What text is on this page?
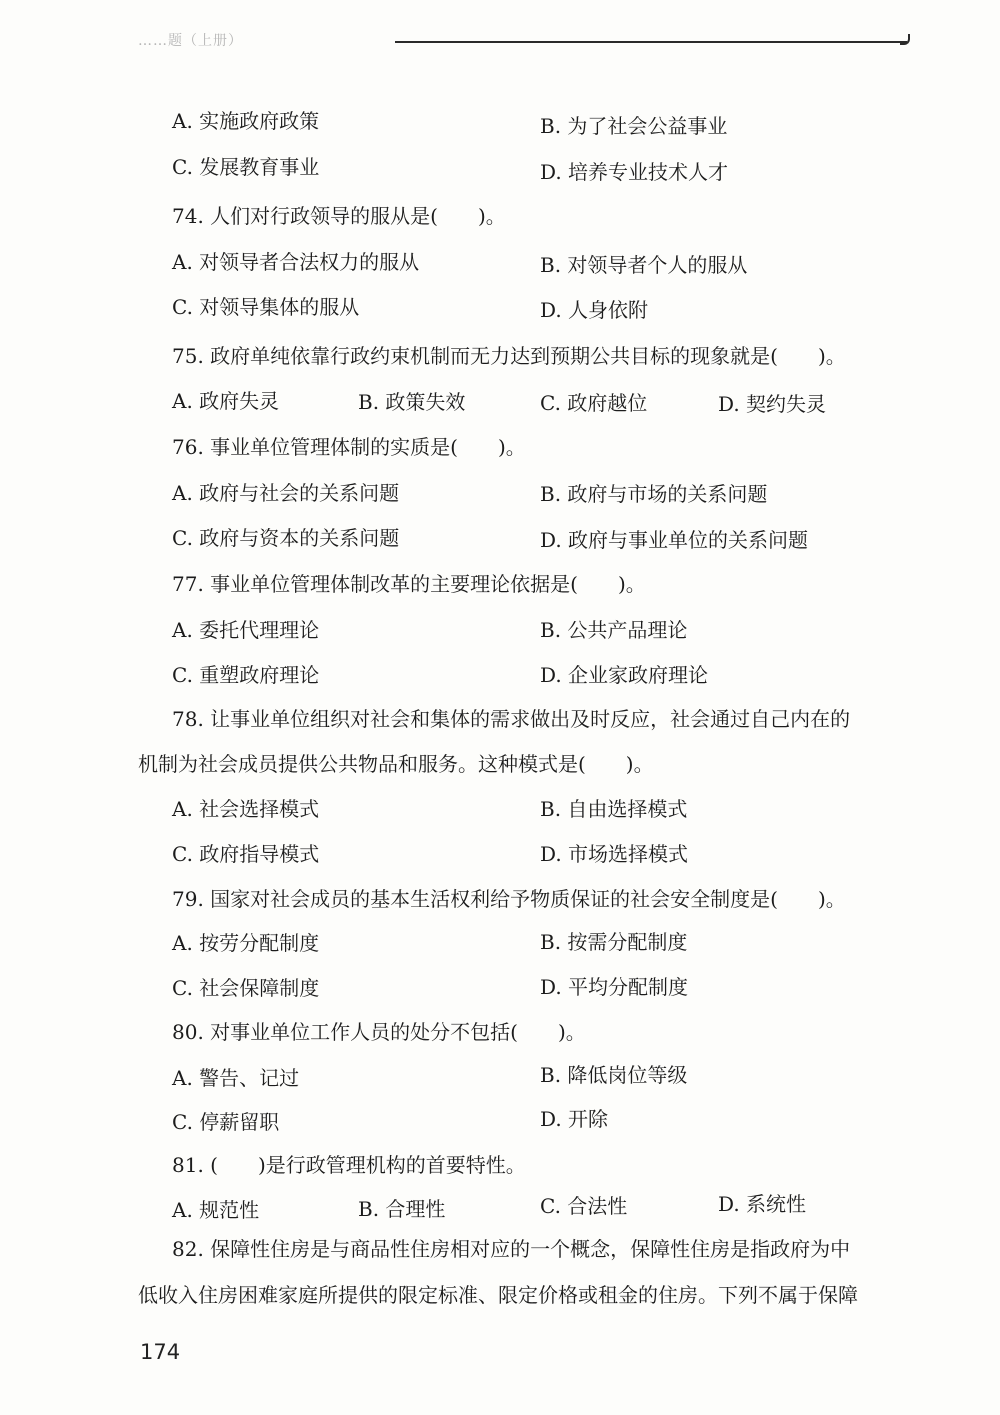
……题（上册）
A. 实施政府政策	B. 为了社会公益事业
C. 发展教育事业	D. 培养专业技术人才
74. 人们对行政领导的服从是(　　)。
A. 对领导者合法权力的服从	B. 对领导者个人的服从
C. 对领导集体的服从	D. 人身依附
75. 政府单纯依靠行政约束机制而无力达到预期公共目标的现象就是(　　)。
A. 政府失灵	B. 政策失效	C. 政府越位	D. 契约失灵
76. 事业单位管理体制的实质是(　　)。
A. 政府与社会的关系问题	B. 政府与市场的关系问题
C. 政府与资本的关系问题	D. 政府与事业单位的关系问题
77. 事业单位管理体制改革的主要理论依据是(　　)。
A. 委托代理理论	B. 公共产品理论
C. 重塑政府理论	D. 企业家政府理论
78. 让事业单位组织对社会和集体的需求做出及时反应，社会通过自己内在的
机制为社会成员提供公共物品和服务。这种模式是(　　)。
A. 社会选择模式	B. 自由选择模式
C. 政府指导模式	D. 市场选择模式
79. 国家对社会成员的基本生活权利给予物质保证的社会安全制度是(　　)。
A. 按劳分配制度	B. 按需分配制度
C. 社会保障制度	D. 平均分配制度
80. 对事业单位工作人员的处分不包括(　　)。
A. 警告、记过	B. 降低岗位等级
C. 停薪留职	D. 开除
81. (　　)是行政管理机构的首要特性。
A. 规范性	B. 合理性	C. 合法性	D. 系统性
82. 保障性住房是与商品性住房相对应的一个概念，保障性住房是指政府为中
低收入住房困难家庭所提供的限定标准、限定价格或租金的住房。下列不属于保障
174
